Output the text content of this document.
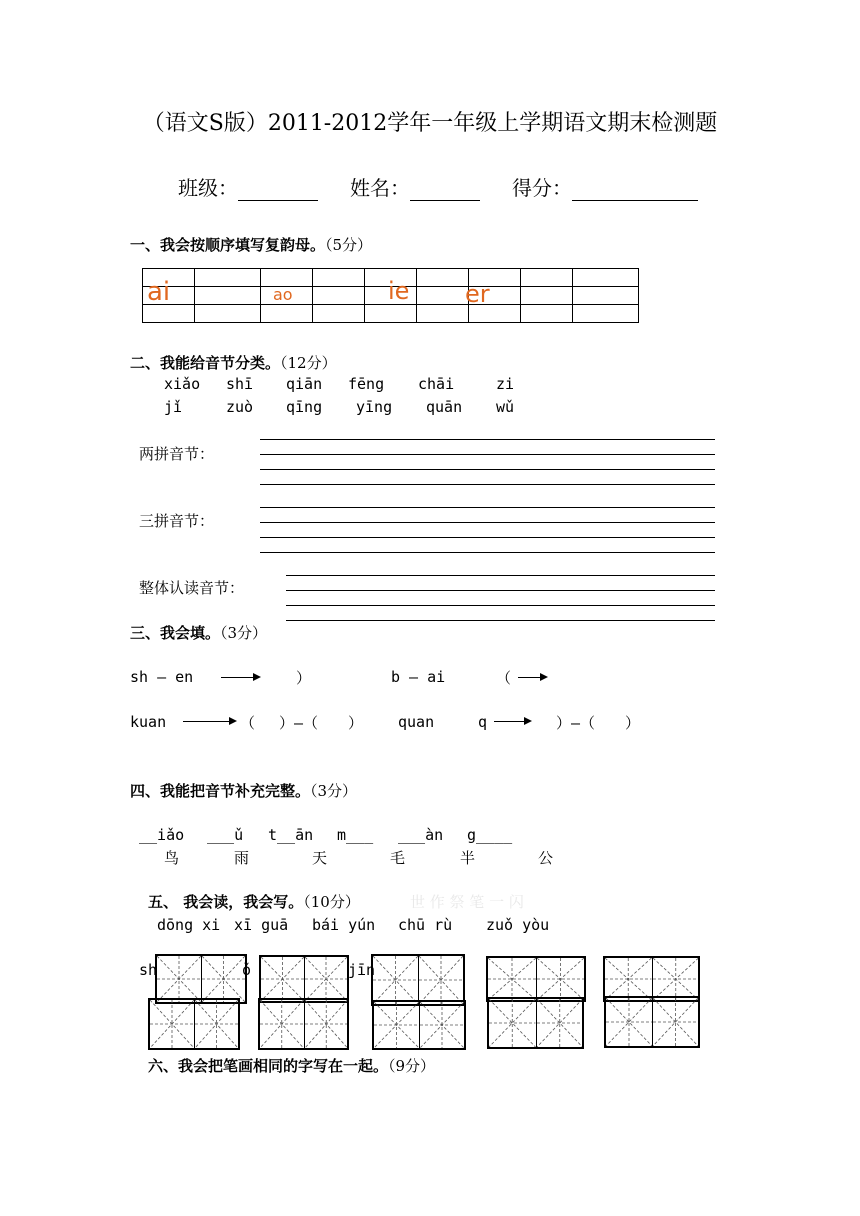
（语文S版）2011-2012学年一年级上学期语文期末检测题
班级：	姓名：	得分：
一、我会按顺序填写复韵母。（5分）

ai	ao	ie er
二、我能给音节分类。（12分）
xiǎo shī qiān fēng chāi	zi
jǐ	zuò qīng yīng quān wǔ
两拼音节：
三拼音节：
整体认读音节：
三、我会填。（3分）
sh — en	）	b — ai	（
kuan	（　 ）—（　　） quan	q	）—（　　）
四、我能把音节补充完整。（3分）
__iǎo ___ǔ t__ān m___ ___àn g____
鸟	雨	天	毛	半	公
五、 我会读，我会写。（10分）	世 作 祭 笔 一 闪
dōng xi xī guā bái yún chū rù zuǒ yòu
sh	ǒ	jīn
六、我会把笔画相同的字写在一起。（9分）
